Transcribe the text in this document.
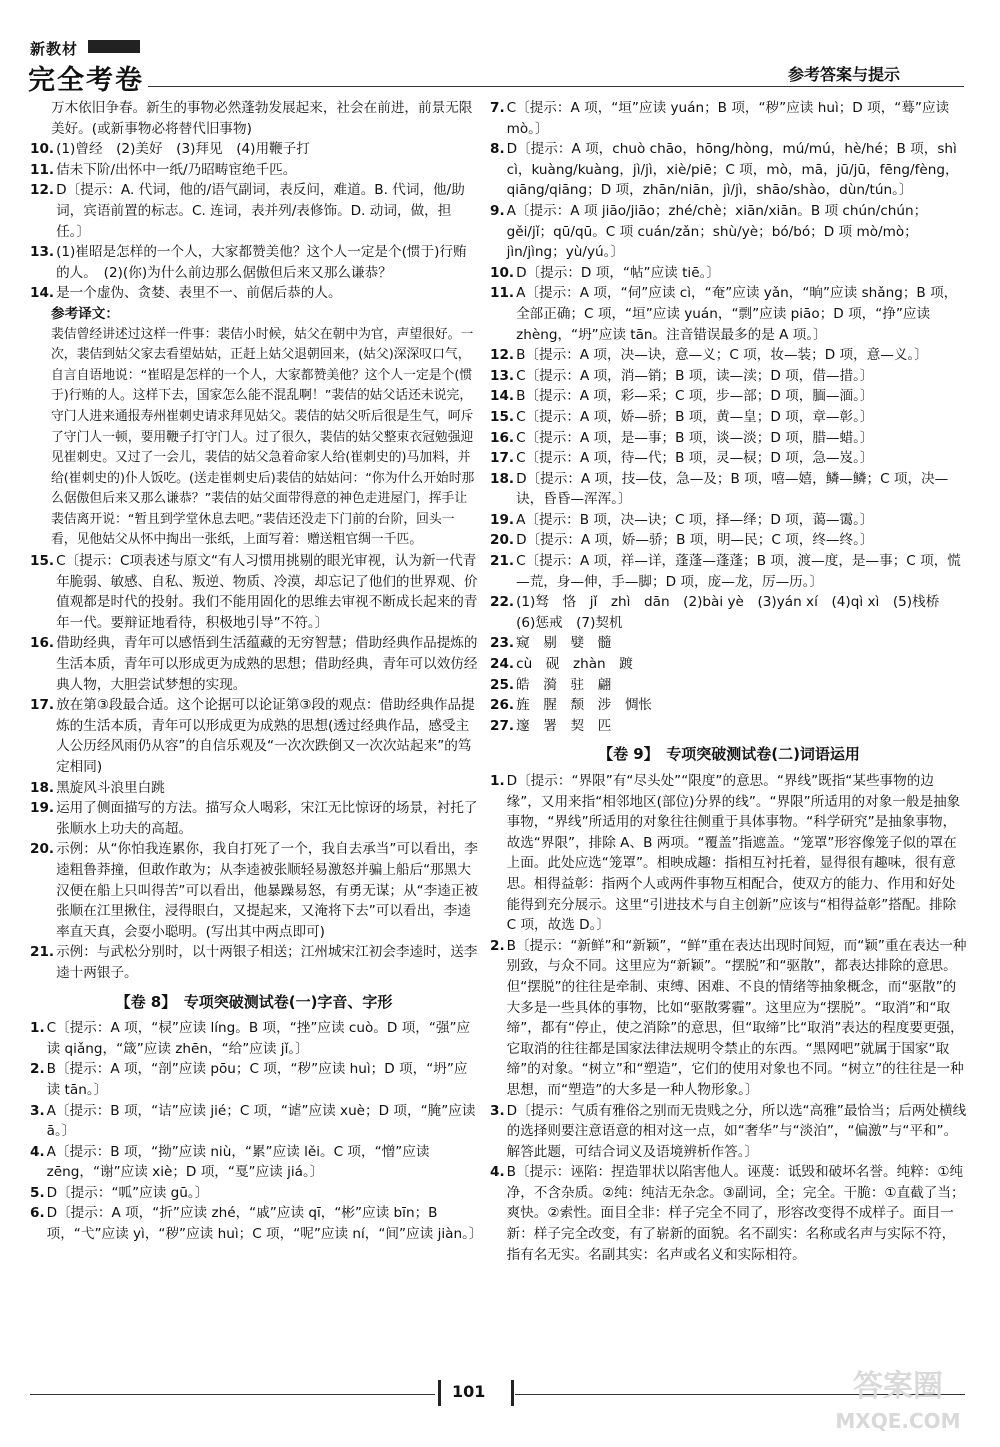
新教材
完全考卷	参考答案与提示

万木依旧争春。新生的事物必然蓬勃发展起来，社会在前进，前景无限美好。(或新事物必将替代旧事物)

10. (1)曾经　(2)美好　(3)拜见　(4)用鞭子打
11. 佶未下阶/出怀中一纸/乃昭畴宦绝千匹。
12. D〔提示：A. 代词，他的/语气副词，表反问，难道。B. 代词，他/助词，宾语前置的标志。C. 连词，表并列/表修饰。D. 动词，做，担任。〕
13. (1)崔昭是怎样的一个人，大家都赞美他？这个人一定是个(惯于)行贿的人。　(2)(你)为什么前边那么倨傲但后来又那么谦恭？
14. 是一个虚伪、贪婪、表里不一、前倨后恭的人。

参考译文：

裴佶曾经讲述过这样一件事：裴佶小时候，姑父在朝中为官，声望很好。一次，裴佶到姑父家去看望姑姑，正赶上姑父退朝回来，(姑父)深深叹口气，自言自语地说：“崔昭是怎样的一个人，大家都赞美他？这个人一定是个(惯于)行贿的人。这样下去，国家怎么能不混乱啊！”裴佶的姑父话还未说完，守门人进来通报寿州崔刺史请求拜见姑父。裴佶的姑父听后很是生气，呵斥了守门人一顿，要用鞭子打守门人。过了很久，裴佶的姑父整束衣冠勉强迎见崔刺史。又过了一会儿，裴佶的姑父急着命家人给(崔刺史的)马加料，并给(崔刺史的)仆人饭吃。(送走崔刺史后)裴佶的姑姑问：“你为什么开始时那么倨傲但后来又那么谦恭？”裴佶的姑父面带得意的神色走进屋门，挥手让裴佶离开说：“暂且到学堂休息去吧。”裴佶还没走下门前的台阶，回头一看，见他姑父从怀中掏出一张纸，上面写着：赠送粗官绸一千匹。

15. C〔提示：C项表述与原文“有人习惯用挑剔的眼光审视，认为新一代青年脆弱、敏感、自私、叛逆、物质、冷漠，却忘记了他们的世界观、价值观都是时代的投射。我们不能用固化的思维去审视不断成长起来的青年一代。要辩证地看待，积极地引导”不符。〕
16. 借助经典，青年可以感悟到生活蕴藏的无穷智慧；借助经典作品提炼的生活本质，青年可以形成更为成熟的思想；借助经典，青年可以效仿经典人物，大胆尝试梦想的实现。
17. 放在第③段最合适。这个论据可以论证第③段的观点：借助经典作品提炼的生活本质，青年可以形成更为成熟的思想(透过经典作品，感受主人公历经风雨仍从容”的自信乐观及“一次次跌倒又一次次站起来”的笃定相同)
18. 黑旋风斗浪里白跳
19. 运用了侧面描写的方法。描写众人喝彩，宋江无比惊讶的场景，衬托了张顺水上功夫的高超。
20. 示例：从“你怕我连累你，我自打死了一个，我自去承当”可以看出，李逵粗鲁莽撞，但敢作敢为；从李逵被张顺轻易激怒并骗上船后“那黑大汉便在船上只叫得苦”可以看出，他暴躁易怒，有勇无谋；从“李逵正被张顺在江里揪住，浸得眼白，又提起来，又淹将下去”可以看出，李逵率直天真，会耍小聪明。(写出其中两点即可)
21. 示例：与武松分别时，以十两银子相送；江州城宋江初会李逵时，送李逵十两银子。
【卷 8】　专项突破测试卷(一)字音、字形
1. C〔提示：A 项，“棂”应读 líng。B 项，“挫”应读 cuò。D 项，“强”应读 qiǎng，“箴”应读 zhēn，“给”应读 jǐ。〕
2. B〔提示：A 项，“剖”应读 pōu；C 项，“秽”应读 huì；D 项，“坍”应读 tān。〕
3. A〔提示：B 项，“诘”应读 jié；C 项，“谑”应读 xuè；D 项，“腌”应读 ā。〕
4. A〔提示：B 项，“拗”应读 niù，“累”应读 lěi。C 项，“憎”应读 zēng，“谢”应读 xiè；D 项，“戛”应读 jiá。〕
5. D〔提示：“呱”应读 gū。〕
6. D〔提示：A 项，“折”应读 zhé，“戚”应读 qī，“彬”应读 bīn；B 项，“弋”应读 yì，“秽”应读 huì；C 项，“呢”应读 ní，“间”应读 jiàn。〕
7. C〔提示：A 项，“垣”应读 yuán；B 项，“秽”应读 huì；D 项，“蓦”应读 mò。〕
8. D〔提示：A 项，chuò chāo，hōng/hòng，mú/mú，hè/hé；B 项，shì cì，kuàng/kuàng，jì/jì，xiè/piē；C 项，mò，mā，jū/jū，fēng/fèng，qiāng/qiāng；D 项，zhān/niān，jì/jì，shāo/shào，dùn/tún。〕
9. A〔提示：A 项 jiāo/jiāo；zhé/chè；xiān/xiān。B 项 chún/chún；gěi/jǐ；qū/qū。C 项 cuán/zǎn；shù/yè；bó/bó；D 项 mò/mò；jìn/jìng；yù/yú。〕
10. D〔提示：D 项，“帖”应读 tiē。〕
11. A〔提示：A 项，“伺”应读 cì，“奄”应读 yǎn，“晌”应读 shǎng；B 项，全部正确；C 项，“垣”应读 yuán，“剽”应读 piāo；D 项，“挣”应读 zhèng，“坍”应读 tān。注音错误最多的是 A 项。〕
12. B〔提示：A 项，决—诀，意—义；C 项，妆—装；D 项，意—义。〕
13. C〔提示：A 项，消—销；B 项，读—渎；D 项，借—措。〕
14. B〔提示：A 项，彩—采；C 项，步—部；D 项，腼—湎。〕
15. C〔提示：A 项，娇—骄；B 项，黄—皇；D 项，章—彰。〕
16. C〔提示：A 项，是—事；B 项，谈—淡；D 项，腊—蜡。〕
17. C〔提示：A 项，待—代；B 项，灵—棂；D 项，急—岌。〕
18. D〔提示：A 项，技—伎，急—及；B 项，嘻—嬉，鳞—鳞；C 项，决—诀，昏昏—浑浑。〕
19. A〔提示：B 项，决—诀；C 项，择—绎；D 项，蔼—霭。〕
20. D〔提示：A 项，娇—骄；B 项，明—民；C 项，终—终。〕
21. C〔提示：A 项，祥—详，蓬蓬—蓬蓬；B 项，渡—度，是—事；C 项，慌—荒，身—伸，手—脚；D 项，庞—龙，厉—历。〕
22. (1)驽　恪　jǐ　zhì　dān　(2)bài yè　(3)yán xí　(4)qì xì　(5)栈桥　(6)惩戒　(7)契机
23. 窥　剔　嬖　髓
24. cù　砚　zhàn　踱
25. 皓　漪　驻　翩
26. 旌　腥　颓　涉　惆怅
27. 邃　署　契　匹
【卷 9】　专项突破测试卷(二)词语运用
1. D〔提示：“界限”有“尽头处”“限度”的意思。“界线”既指“某些事物的边缘”，又用来指“相邻地区(部位)分界的线”。“界限”所适用的对象一般是抽象事物，“界线”所适用的对象往往侧重于具体事物。“科学研究”是抽象事物，故选“界限”，排除 A、B 两项。“覆盖”指遮盖。“笼罩”形容像笼子似的罩在上面。此处应选“笼罩”。相映成趣：指相互衬托着，显得很有趣味，很有意思。相得益彰：指两个人或两件事物互相配合，使双方的能力、作用和好处能得到充分展示。这里“引进技术与自主创新”应该与“相得益彰”搭配。排除 C 项，故选 D。〕
2. B〔提示：“新鲜”和“新颖”，“鲜”重在表达出现时间短，而“颖”重在表达一种别致，与众不同。这里应为“新颖”。“摆脱”和“驱散”，都表达排除的意思。但“摆脱”的往往是牵制、束缚、困难、不良的情绪等抽象概念，而“驱散”的大多是一些具体的事物，比如“驱散雾霾”。这里应为“摆脱”。“取消”和“取缔”，都有“停止，使之消除”的意思，但“取缔”比“取消”表达的程度要更强，它取消的往往都是国家法律法规明令禁止的东西。“黑网吧”就属于国家“取缔”的对象。“树立”和“塑造”，它们的使用对象也不同。“树立”的往往是一种思想，而“塑造”的大多是一种人物形象。〕
3. D〔提示：气质有雅俗之别而无贵贱之分，所以选“高雅”最恰当；后两处横线的选择则要注意语意的相对这一点，如“奢华”与“淡泊”，“偏激”与“平和”。解答此题，可结合词义及语境辨析作答。〕
4. B〔提示：诬陷：捏造罪状以陷害他人。诬蔑：诋毁和破坏名誉。纯粹：①纯净，不含杂质。②纯：纯洁无杂念。③副词，全；完全。干脆：①直截了当；爽快。②索性。面目全非：样子完全不同了，形容改变得不成样子。面目一新：样子完全改变，有了崭新的面貌。名不副实：名称或名声与实际不符，指有名无实。名副其实：名声或名义和实际相符。
101	答案圈
MXQE.COM
